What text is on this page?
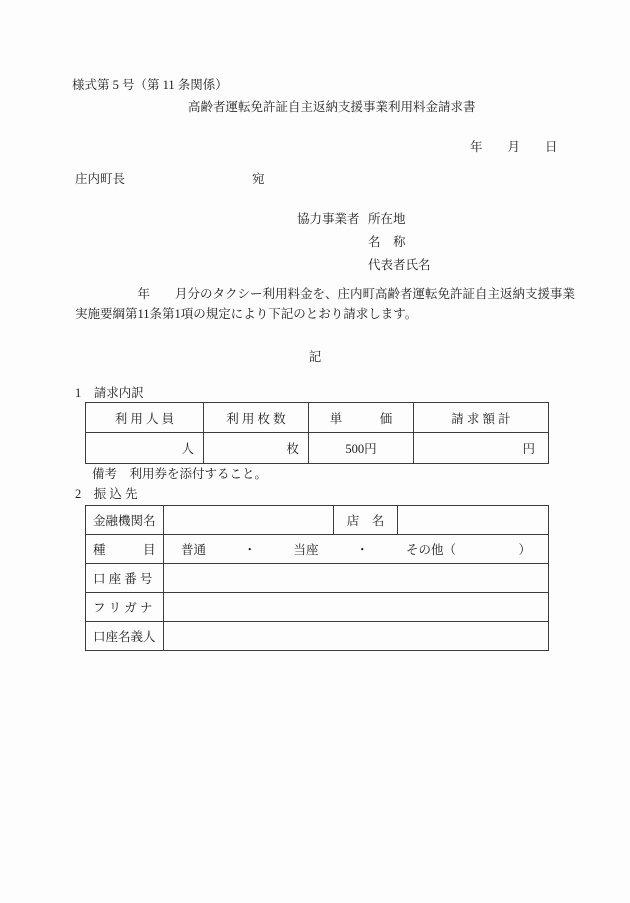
様式第 5 号（第 11 条関係）
高齢者運転免許証自主返納支援事業利用料金請求書
年　　月　　日
庄内町長	宛
協力事業者 所在地
名　称
代表者氏名
　　　　　年　　月分のタクシー利用料金を、庄内町高齢者運転免許証自主返納支援事業
実施要綱第11条第1項の規定により下記のとおり請求します。
記
1　請求内訳
利 用 人 員	利 用 枚 数	単　　　価	請 求 額 計
人	枚	500円	円
備考　利用券を添付すること。
2　振 込 先
金融機関名		店　名	
種　　　目	普通　　　・　　　当座　　　・　　　その他（　　　　　）		
口 座 番 号			
フ リ ガ ナ			
口座名義人			
